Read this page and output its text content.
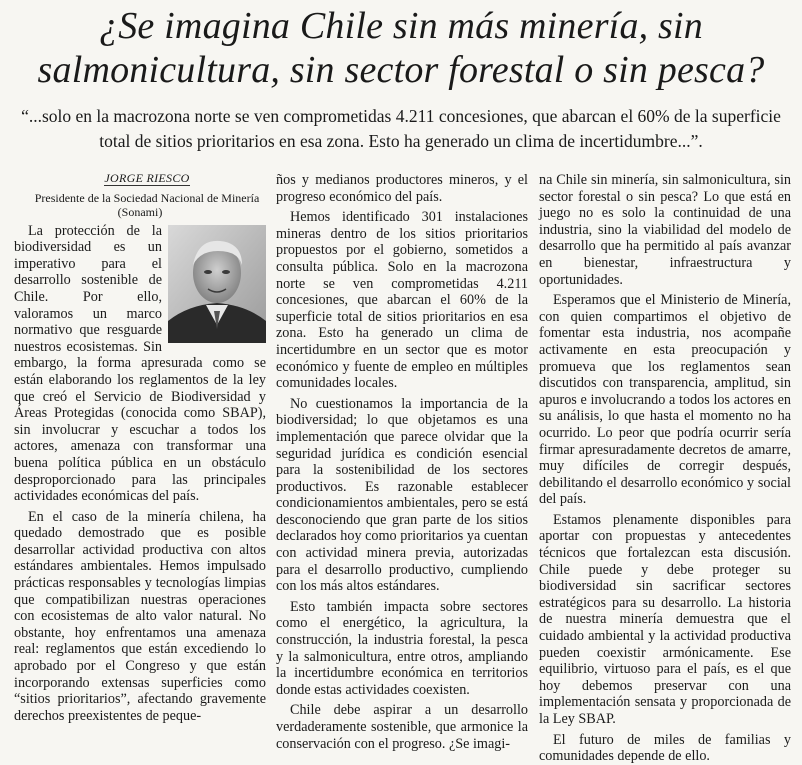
¿Se imagina Chile sin más minería, sin
salmonicultura, sin sector forestal o sin pesca?

“...solo en la macrozona norte se ven comprometidas 4.211 concesiones, que abarcan el 60% de la superficie total de sitios prioritarios en esa zona. Esto ha generado un clima de incertidumbre...”.

JORGE RIESCO

Presidente de la Sociedad Nacional de Minería (Sonami)

La protección de la biodiversidad es un imperativo para el desarrollo sostenible de Chile. Por ello, valoramos un marco normativo que resguarde nuestros ecosistemas. Sin embargo, la forma apresurada como se están elaborando los reglamentos de la ley que creó el Servicio de Biodiversidad y Áreas Protegidas (conocida como SBAP), sin involucrar y escuchar a todos los actores, amenaza con transformar una buena política pública en un obstáculo desproporcionado para las principales actividades económicas del país.

En el caso de la minería chilena, ha quedado demostrado que es posible desarrollar actividad productiva con altos estándares ambientales. Hemos impulsado prácticas responsables y tecnologías limpias que compatibilizan nuestras operaciones con ecosistemas de alto valor natural. No obstante, hoy enfrentamos una amenaza real: reglamentos que están excediendo lo aprobado por el Congreso y que están incorporando extensas superficies como “sitios prioritarios”, afectando gravemente derechos preexistentes de peque-

ños y medianos productores mineros, y el progreso económico del país.

Hemos identificado 301 instalaciones mineras dentro de los sitios prioritarios propuestos por el gobierno, sometidos a consulta pública. Solo en la macrozona norte se ven comprometidas 4.211 concesiones, que abarcan el 60% de la superficie total de sitios prioritarios en esa zona. Esto ha generado un clima de incertidumbre en un sector que es motor económico y fuente de empleo en múltiples comunidades locales.

No cuestionamos la importancia de la biodiversidad; lo que objetamos es una implementación que parece olvidar que la seguridad jurídica es condición esencial para la sostenibilidad de los sectores productivos. Es razonable establecer condicionamientos ambientales, pero se está desconociendo que gran parte de los sitios declarados hoy como prioritarios ya cuentan con actividad minera previa, autorizadas para el desarrollo productivo, cumpliendo con los más altos estándares.

Esto también impacta sobre sectores como el energético, la agricultura, la construcción, la industria forestal, la pesca y la salmonicultura, entre otros, ampliando la incertidumbre económica en territorios donde estas actividades coexisten.

Chile debe aspirar a un desarrollo verdaderamente sostenible, que armonice la conservación con el progreso. ¿Se imagi-

na Chile sin minería, sin salmonicultura, sin sector forestal o sin pesca? Lo que está en juego no es solo la continuidad de una industria, sino la viabilidad del modelo de desarrollo que ha permitido al país avanzar en bienestar, infraestructura y oportunidades.

Esperamos que el Ministerio de Minería, con quien compartimos el objetivo de fomentar esta industria, nos acompañe activamente en esta preocupación y promueva que los reglamentos sean discutidos con transparencia, amplitud, sin apuros e involucrando a todos los actores en su análisis, lo que hasta el momento no ha ocurrido. Lo peor que podría ocurrir sería firmar apresuradamente decretos de amarre, muy difíciles de corregir después, debilitando el desarrollo económico y social del país.

Estamos plenamente disponibles para aportar con propuestas y antecedentes técnicos que fortalezcan esta discusión. Chile puede y debe proteger su biodiversidad sin sacrificar sectores estratégicos para su desarrollo. La historia de nuestra minería demuestra que el cuidado ambiental y la actividad productiva pueden coexistir armónicamente. Ese equilibrio, virtuoso para el país, es el que hoy debemos preservar con una implementación sensata y proporcionada de la Ley SBAP.

El futuro de miles de familias y comunidades depende de ello.
